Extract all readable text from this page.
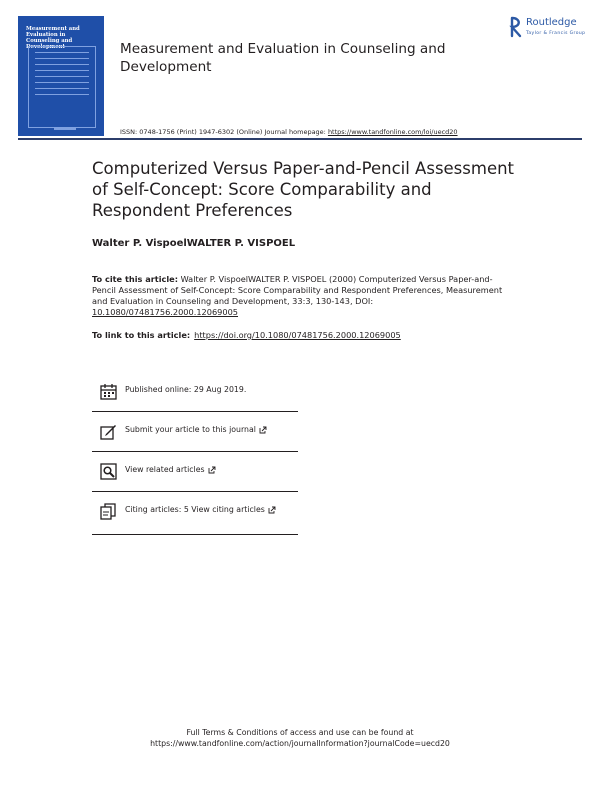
Measurement and Evaluation in Counseling and Development	Measurement and Evaluation in Counseling and Development
Routledge
Taylor & Francis Group
ISSN: 0748-1756 (Print) 1947-6302 (Online) Journal homepage: https://www.tandfonline.com/loi/uecd20
Computerized Versus Paper-and-Pencil Assessment of Self-Concept: Score Comparability and Respondent Preferences
Walter P. VispoelWALTER P. VISPOEL
To cite this article: Walter P. VispoelWALTER P. VISPOEL (2000) Computerized Versus Paper-and-Pencil Assessment of Self-Concept: Score Comparability and Respondent Preferences, Measurement and Evaluation in Counseling and Development, 33:3, 130-143, DOI: 10.1080/07481756.2000.12069005
To link to this article: https://doi.org/10.1080/07481756.2000.12069005
Published online: 29 Aug 2019.
Submit your article to this journal
View related articles
Citing articles: 5 View citing articles
Full Terms & Conditions of access and use can be found at
https://www.tandfonline.com/action/journalInformation?journalCode=uecd20
